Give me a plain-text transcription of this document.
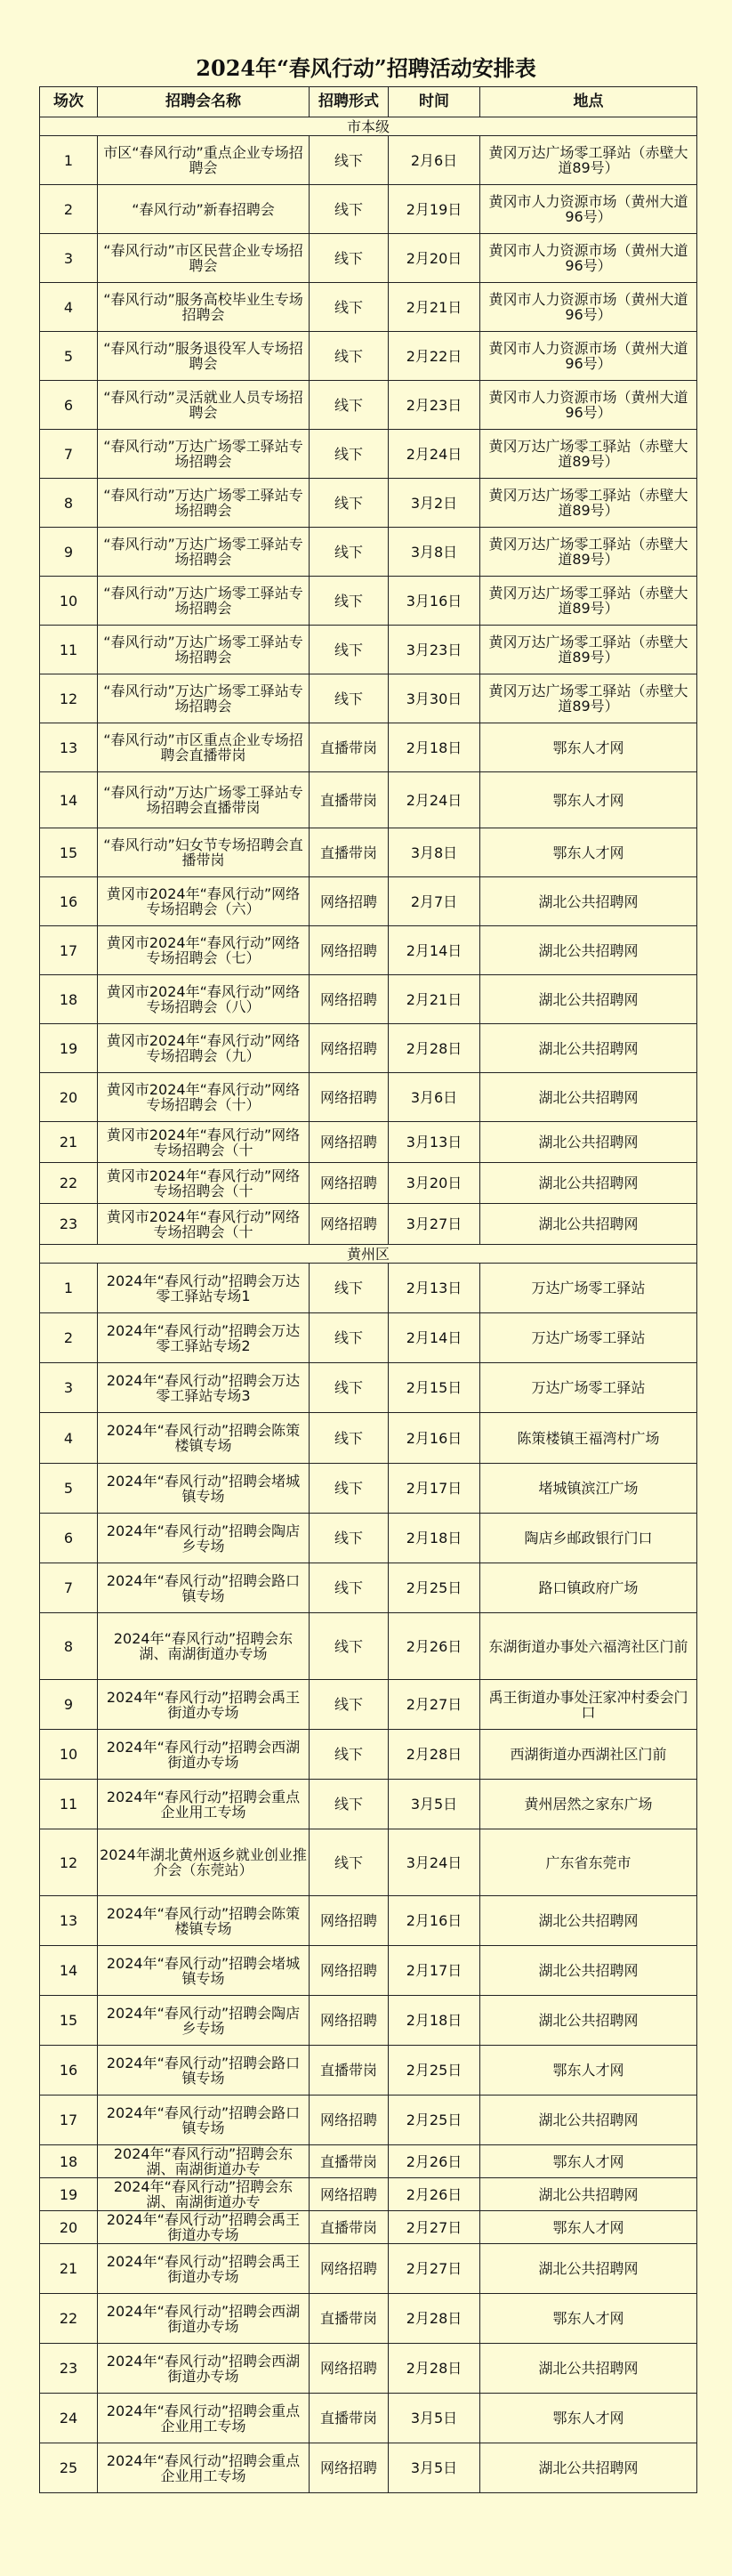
2024年“春风行动”招聘活动安排表
场次	招聘会名称	招聘形式	时间	地点
市本级				
1	市区“春风行动”重点企业专场招聘会	线下	2月6日	黄冈万达广场零工驿站（赤壁大道89号）
2	“春风行动”新春招聘会	线下	2月19日	黄冈市人力资源市场（黄州大道96号）
3	“春风行动”市区民营企业专场招聘会	线下	2月20日	黄冈市人力资源市场（黄州大道96号）
4	“春风行动”服务高校毕业生专场招聘会	线下	2月21日	黄冈市人力资源市场（黄州大道96号）
5	“春风行动”服务退役军人专场招聘会	线下	2月22日	黄冈市人力资源市场（黄州大道96号）
6	“春风行动”灵活就业人员专场招聘会	线下	2月23日	黄冈市人力资源市场（黄州大道96号）
7	“春风行动”万达广场零工驿站专场招聘会	线下	2月24日	黄冈万达广场零工驿站（赤壁大道89号）
8	“春风行动”万达广场零工驿站专场招聘会	线下	3月2日	黄冈万达广场零工驿站（赤壁大道89号）
9	“春风行动”万达广场零工驿站专场招聘会	线下	3月8日	黄冈万达广场零工驿站（赤壁大道89号）
10	“春风行动”万达广场零工驿站专场招聘会	线下	3月16日	黄冈万达广场零工驿站（赤壁大道89号）
11	“春风行动”万达广场零工驿站专场招聘会	线下	3月23日	黄冈万达广场零工驿站（赤壁大道89号）
12	“春风行动”万达广场零工驿站专场招聘会	线下	3月30日	黄冈万达广场零工驿站（赤壁大道89号）
13	“春风行动”市区重点企业专场招聘会直播带岗	直播带岗	2月18日	鄂东人才网
14	“春风行动”万达广场零工驿站专场招聘会直播带岗	直播带岗	2月24日	鄂东人才网
15	“春风行动”妇女节专场招聘会直播带岗	直播带岗	3月8日	鄂东人才网
16	黄冈市2024年“春风行动”网络专场招聘会（六）	网络招聘	2月7日	湖北公共招聘网
17	黄冈市2024年“春风行动”网络专场招聘会（七）	网络招聘	2月14日	湖北公共招聘网
18	黄冈市2024年“春风行动”网络专场招聘会（八）	网络招聘	2月21日	湖北公共招聘网
19	黄冈市2024年“春风行动”网络专场招聘会（九）	网络招聘	2月28日	湖北公共招聘网
20	黄冈市2024年“春风行动”网络专场招聘会（十）	网络招聘	3月6日	湖北公共招聘网
21	黄冈市2024年“春风行动”网络专场招聘会（十	网络招聘	3月13日	湖北公共招聘网
22	黄冈市2024年“春风行动”网络专场招聘会（十	网络招聘	3月20日	湖北公共招聘网
23	黄冈市2024年“春风行动”网络专场招聘会（十	网络招聘	3月27日	湖北公共招聘网
黄州区				
1	2024年“春风行动”招聘会万达零工驿站专场1	线下	2月13日	万达广场零工驿站
2	2024年“春风行动”招聘会万达零工驿站专场2	线下	2月14日	万达广场零工驿站
3	2024年“春风行动”招聘会万达零工驿站专场3	线下	2月15日	万达广场零工驿站
4	2024年“春风行动”招聘会陈策楼镇专场	线下	2月16日	陈策楼镇王福湾村广场
5	2024年“春风行动”招聘会堵城镇专场	线下	2月17日	堵城镇滨江广场
6	2024年“春风行动”招聘会陶店乡专场	线下	2月18日	陶店乡邮政银行门口
7	2024年“春风行动”招聘会路口镇专场	线下	2月25日	路口镇政府广场
8	2024年“春风行动”招聘会东湖、南湖街道办专场	线下	2月26日	东湖街道办事处六福湾社区门前
9	2024年“春风行动”招聘会禹王街道办专场	线下	2月27日	禹王街道办事处汪家冲村委会门口
10	2024年“春风行动”招聘会西湖街道办专场	线下	2月28日	西湖街道办西湖社区门前
11	2024年“春风行动”招聘会重点企业用工专场	线下	3月5日	黄州居然之家东广场
12	2024年湖北黄州返乡就业创业推介会（东莞站）	线下	3月24日	广东省东莞市
13	2024年“春风行动”招聘会陈策楼镇专场	网络招聘	2月16日	湖北公共招聘网
14	2024年“春风行动”招聘会堵城镇专场	网络招聘	2月17日	湖北公共招聘网
15	2024年“春风行动”招聘会陶店乡专场	网络招聘	2月18日	湖北公共招聘网
16	2024年“春风行动”招聘会路口镇专场	直播带岗	2月25日	鄂东人才网
17	2024年“春风行动”招聘会路口镇专场	网络招聘	2月25日	湖北公共招聘网
18	2024年“春风行动”招聘会东湖、南湖街道办专	直播带岗	2月26日	鄂东人才网
19	2024年“春风行动”招聘会东湖、南湖街道办专	网络招聘	2月26日	湖北公共招聘网
20	2024年“春风行动”招聘会禹王街道办专场	直播带岗	2月27日	鄂东人才网
21	2024年“春风行动”招聘会禹王街道办专场	网络招聘	2月27日	湖北公共招聘网
22	2024年“春风行动”招聘会西湖街道办专场	直播带岗	2月28日	鄂东人才网
23	2024年“春风行动”招聘会西湖街道办专场	网络招聘	2月28日	湖北公共招聘网
24	2024年“春风行动”招聘会重点企业用工专场	直播带岗	3月5日	鄂东人才网
25	2024年“春风行动”招聘会重点企业用工专场	网络招聘	3月5日	湖北公共招聘网
